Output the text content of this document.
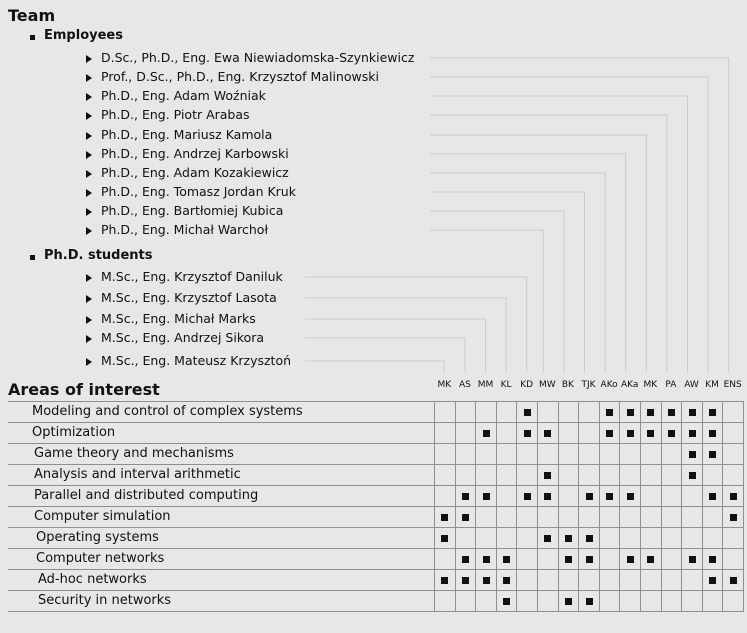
Team
Employees
D.Sc., Ph.D., Eng. Ewa Niewiadomska-Szynkiewicz
Prof., D.Sc., Ph.D., Eng. Krzysztof Malinowski
Ph.D., Eng. Adam Woźniak
Ph.D., Eng. Piotr Arabas
Ph.D., Eng. Mariusz Kamola
Ph.D., Eng. Andrzej Karbowski
Ph.D., Eng. Adam Kozakiewicz
Ph.D., Eng. Tomasz Jordan Kruk
Ph.D., Eng. Bartłomiej Kubica
Ph.D., Eng. Michał Warchoł
Ph.D. students
M.Sc., Eng. Krzysztof Daniluk
M.Sc., Eng. Krzysztof Lasota
M.Sc., Eng. Michał Marks
M.Sc., Eng. Andrzej Sikora
M.Sc., Eng. Mateusz Krzysztoń
Areas of interest	MK AS MM KL KD MW BK TJK AKo AKa MK PA AW KM ENS
Modeling and control of complex systems
Optimization
Game theory and mechanisms
Analysis and interval arithmetic
Parallel and distributed computing
Computer simulation
Operating systems
Computer networks
Ad-hoc networks
Security in networks
